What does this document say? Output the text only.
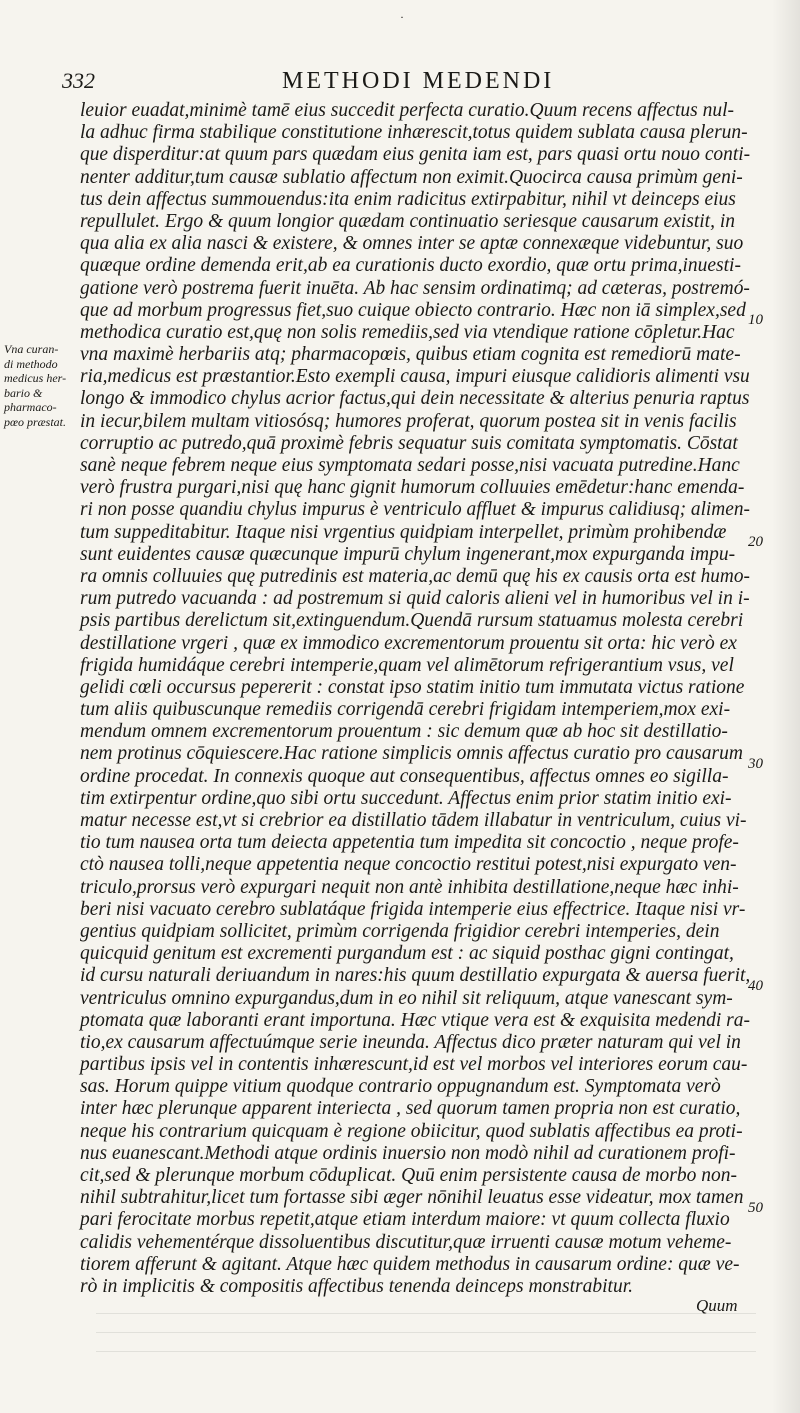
·
332	METHODI MEDENDI
Vna curan-
di methodo
medicus her-
bario &
pharmaco-
pœo præstat.
leuior euadat,minimè tamē eius succedit perfecta curatio.Quum recens affectus nul-
la adhuc firma stabilique constitutione inhærescit,totus quidem sublata causa plerun-
que disperditur:at quum pars quædam eius genita iam est, pars quasi ortu nouo conti-
nenter additur,tum causæ sublatio affectum non eximit.Quocirca causa primùm geni-
tus dein affectus summouendus:ita enim radicitus extirpabitur, nihil vt deinceps eius
repullulet. Ergo & quum longior quædam continuatio seriesque causarum existit, in
qua alia ex alia nasci & existere, & omnes inter se aptæ connexæque videbuntur, suo
quæque ordine demenda erit,ab ea curationis ducto exordio, quæ ortu prima,inuesti-
gatione verò postrema fuerit inuēta. Ab hac sensim ordinatimq; ad cæteras, postremó-
que ad morbum progressus fiet,suo cuique obiecto contrario. Hæc non iā simplex,sed
methodica curatio est,quę non solis remediis,sed via vtendique ratione cōpletur.Hac
vna maximè herbariis atq; pharmacopœis, quibus etiam cognita est remediorū mate-
ria,medicus est præstantior.Esto exempli causa, impuri eiusque calidioris alimenti vsu
longo & immodico chylus acrior factus,qui dein necessitate & alterius penuria raptus
in iecur,bilem multam vitiosósq; humores proferat, quorum postea sit in venis facilis
corruptio ac putredo,quā proximè febris sequatur suis comitata symptomatis. Cōstat
sanè neque febrem neque eius symptomata sedari posse,nisi vacuata putredine.Hanc
verò frustra purgari,nisi quę hanc gignit humorum colluuies emēdetur:hanc emenda-
ri non posse quandiu chylus impurus è ventriculo affluet & impurus calidiusq; alimen-
tum suppeditabitur. Itaque nisi vrgentius quidpiam interpellet, primùm prohibendæ
sunt euidentes causæ quæcunque impurū chylum ingenerant,mox expurganda impu-
ra omnis colluuies quę putredinis est materia,ac demū quę his ex causis orta est humo-
rum putredo vacuanda : ad postremum si quid caloris alieni vel in humoribus vel in i-
psis partibus derelictum sit,extinguendum.Quendā rursum statuamus molesta cerebri
destillatione vrgeri , quæ ex immodico excrementorum prouentu sit orta: hic verò ex
frigida humidáque cerebri intemperie,quam vel alimētorum refrigerantium vsus, vel
gelidi cœli occursus pepererit : constat ipso statim initio tum immutata victus ratione
tum aliis quibuscunque remediis corrigendā cerebri frigidam intemperiem,mox exi-
mendum omnem excrementorum prouentum : sic demum quæ ab hoc sit destillatio-
nem protinus cōquiescere.Hac ratione simplicis omnis affectus curatio pro causarum
ordine procedat. In connexis quoque aut consequentibus, affectus omnes eo sigilla-
tim extirpentur ordine,quo sibi ortu succedunt. Affectus enim prior statim initio exi-
matur necesse est,vt si crebrior ea distillatio tādem illabatur in ventriculum, cuius vi-
tio tum nausea orta tum deiecta appetentia tum impedita sit concoctio , neque profe-
ctò nausea tolli,neque appetentia neque concoctio restitui potest,nisi expurgato ven-
triculo,prorsus verò expurgari nequit non antè inhibita destillatione,neque hæc inhi-
beri nisi vacuato cerebro sublatáque frigida intemperie eius effectrice. Itaque nisi vr-
gentius quidpiam sollicitet, primùm corrigenda frigidior cerebri intemperies, dein
quicquid genitum est excrementi purgandum est : ac siquid posthac gigni contingat,
id cursu naturali deriuandum in nares:his quum destillatio expurgata & auersa fuerit,
ventriculus omnino expurgandus,dum in eo nihil sit reliquum, atque vanescant sym-
ptomata quæ laboranti erant importuna. Hæc vtique vera est & exquisita medendi ra-
tio,ex causarum affectuúmque serie ineunda. Affectus dico præter naturam qui vel in
partibus ipsis vel in contentis inhærescunt,id est vel morbos vel interiores eorum cau-
sas. Horum quippe vitium quodque contrario oppugnandum est. Symptomata verò
inter hæc plerunque apparent interiecta , sed quorum tamen propria non est curatio,
neque his contrarium quicquam è regione obiicitur, quod sublatis affectibus ea proti-
nus euanescant.Methodi atque ordinis inuersio non modò nihil ad curationem profi-
cit,sed & plerunque morbum cōduplicat. Quū enim persistente causa de morbo non-
nihil subtrahitur,licet tum fortasse sibi æger nōnihil leuatus esse videatur, mox tamen
pari ferocitate morbus repetit,atque etiam interdum maiore: vt quum collecta fluxio
calidis vehementérque dissoluentibus discutitur,quæ irruenti causæ motum veheme-
tiorem afferunt & agitant. Atque hæc quidem methodus in causarum ordine: quæ ve-
rò in implicitis & compositis affectibus tenenda deinceps monstrabitur.
10
20
30
40
50
Quum
